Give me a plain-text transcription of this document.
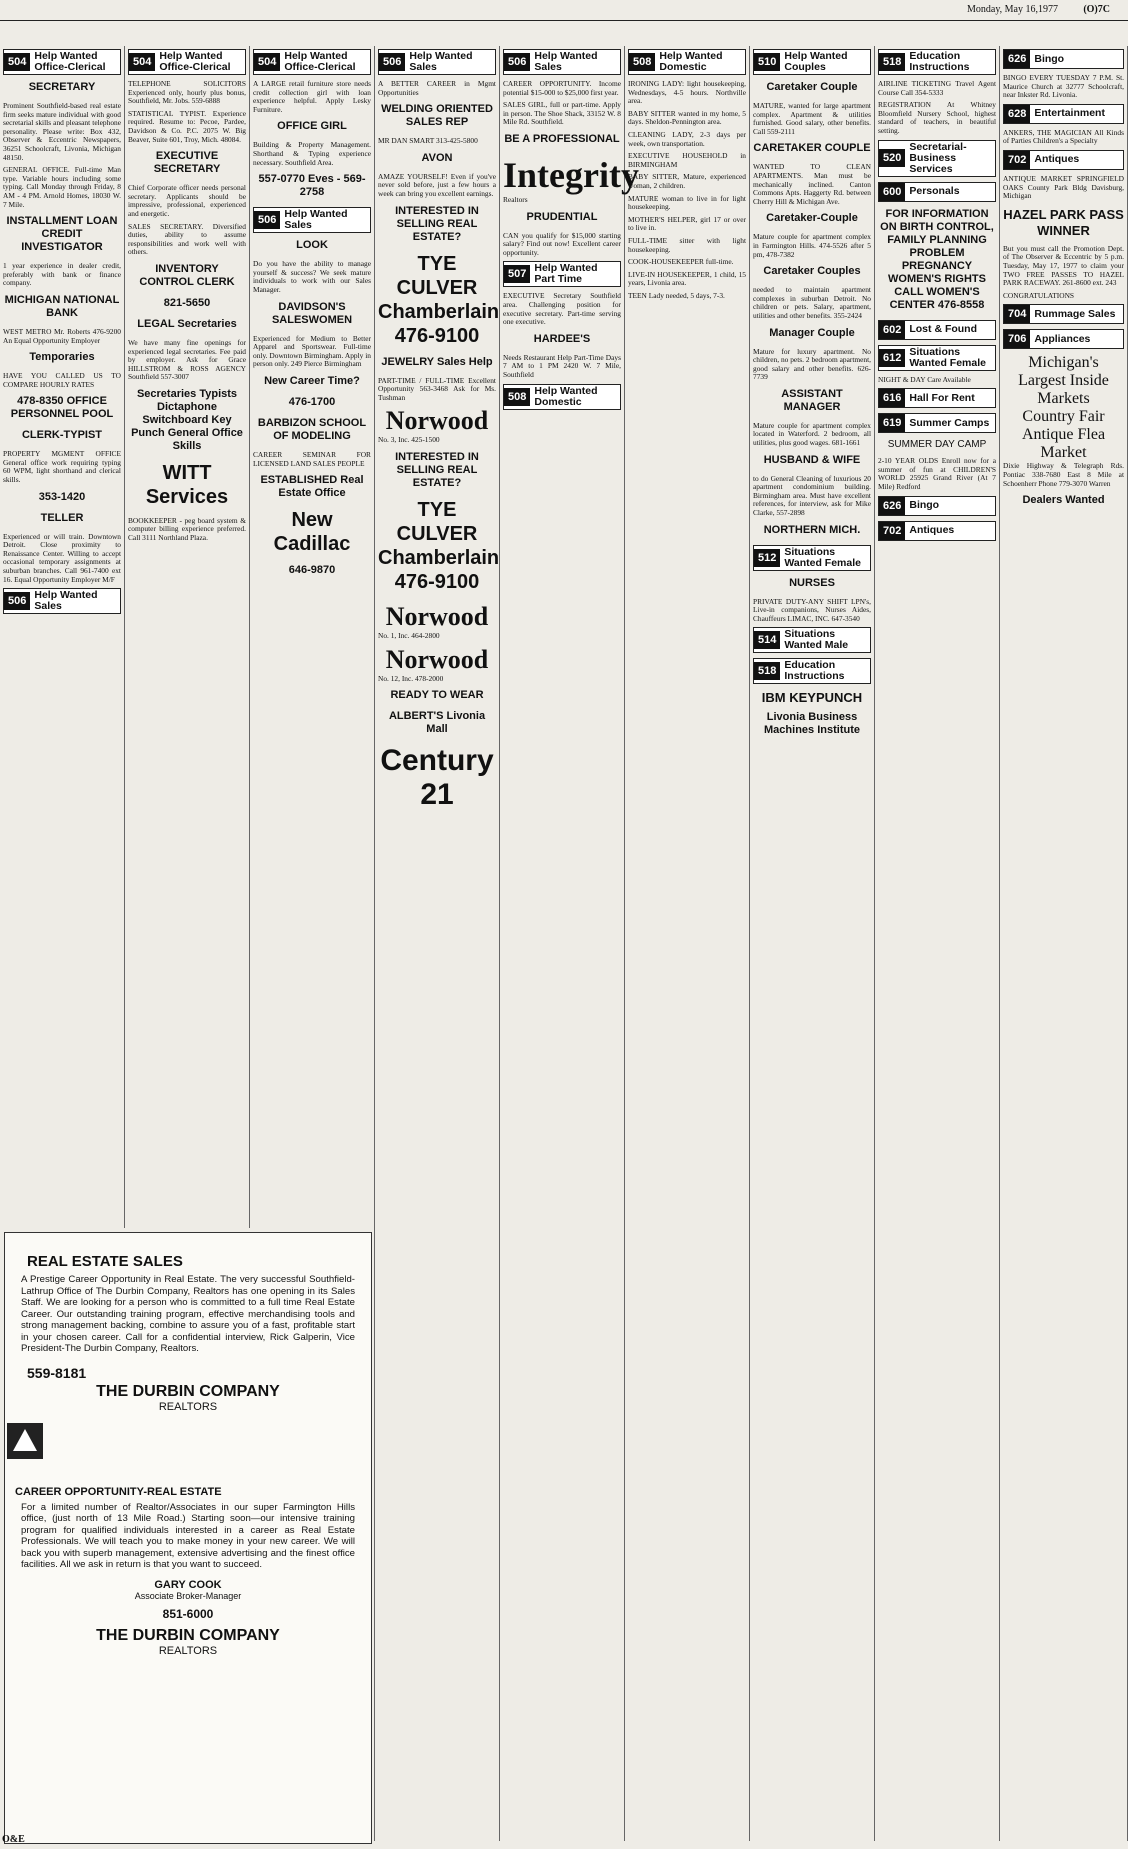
Monday, May 16,1977	(O)7C
504 Help Wanted Office-Clerical
SECRETARY
Prominent Southfield-based real estate firm seeks mature individual with good secretarial skills and pleasant telephone personality. Please write: Box 432, Observer & Eccentric Newspapers, 36251 Schoolcraft, Livonia, Michigan 48150.
GENERAL OFFICE. Full-time Man type. Variable hours including some typing. Call Monday through Friday, 8 AM - 4 PM. Arnold Homes, 18030 W. 7 Mile.
INSTALLMENT LOAN CREDIT INVESTIGATOR
1 year experience in dealer credit, preferably with bank or finance company.
MICHIGAN NATIONAL BANK
WEST METRO Mr. Roberts 476-9200 An Equal Opportunity Employer
Temporaries
HAVE YOU CALLED US TO COMPARE HOURLY RATES
478-8350 OFFICE PERSONNEL POOL
CLERK-TYPIST
PROPERTY MGMENT OFFICE General office work requiring typing 60 WPM, light shorthand and clerical skills.
353-1420
TELLER
Experienced or will train. Downtown Detroit. Close proximity to Renaissance Center. Willing to accept occasional temporary assignments at suburban branches. Call 961-7400 ext 16. Equal Opportunity Employer M/F
506 Help Wanted Sales
504 Help Wanted Office-Clerical
TELEPHONE SOLICITORS Experienced only, hourly plus bonus, Southfield, Mr. Jobs. 559-6888
STATISTICAL TYPIST. Experience required. Resume to: Pecoe, Pardee, Davidson & Co. P.C. 2075 W. Big Beaver, Suite 601, Troy, Mich. 48084.
EXECUTIVE SECRETARY
Chief Corporate officer needs personal secretary. Applicants should be impressive, professional, experienced and energetic.
SALES SECRETARY. Diversified duties, ability to assume responsibilities and work well with others.
INVENTORY CONTROL CLERK
821-5650
LEGAL Secretaries
We have many fine openings for experienced legal secretaries. Fee paid by employer. Ask for Grace HILLSTROM & ROSS AGENCY Southfield 557-3007
Secretaries Typists Dictaphone Switchboard Key Punch General Office Skills
WITT Services
BOOKKEEPER - peg board system & computer billing experience preferred. Call 3111 Northland Plaza.
504 Help Wanted Office-Clerical
A LARGE retail furniture store needs credit collection girl with loan experience helpful. Apply Lesky Furniture.
OFFICE GIRL
Building & Property Management. Shorthand & Typing experience necessary. Southfield Area.
557-0770 Eves - 569-2758
506 Help Wanted Sales
LOOK
Do you have the ability to manage yourself & success? We seek mature individuals to work with our Sales Manager.
DAVIDSON'S SALESWOMEN
Experienced for Medium to Better Apparel and Sportswear. Full-time only. Downtown Birmingham. Apply in person only. 249 Pierce Birmingham
New Career Time?
476-1700
BARBIZON SCHOOL OF MODELING
CAREER SEMINAR FOR LICENSED LAND SALES PEOPLE
ESTABLISHED Real Estate Office
New Cadillac
646-9870
506 Help Wanted Sales
A BETTER CAREER in Mgmt Opportunities
WELDING ORIENTED SALES REP
MR DAN SMART 313-425-5800
AVON
AMAZE YOURSELF! Even if you've never sold before, just a few hours a week can bring you excellent earnings.
INTERESTED IN SELLING REAL ESTATE?
TYE CULVER Chamberlain 476-9100
JEWELRY Sales Help
PART-TIME / FULL-TIME Excellent Opportunity 563-3468 Ask for Ms. Tushman
Norwood
No. 3, Inc. 425-1500
INTERESTED IN SELLING REAL ESTATE?
TYE CULVER Chamberlain 476-9100
Norwood
No. 1, Inc. 464-2800
Norwood
No. 12, Inc. 478-2000
READY TO WEAR
ALBERT'S Livonia Mall
Century 21
506 Help Wanted Sales
CAREER OPPORTUNITY. Income potential $15-000 to $25,000 first year.
SALES GIRL, full or part-time. Apply in person. The Shoe Shack, 33152 W. 8 Mile Rd. Southfield.
BE A PROFESSIONAL
Integrity
Realtors
PRUDENTIAL
CAN you qualify for $15,000 starting salary? Find out now! Excellent career opportunity.
507 Help Wanted Part Time
EXECUTIVE Secretary Southfield area. Challenging position for executive secretary. Part-time serving one executive.
HARDEE'S
Needs Restaurant Help Part-Time Days 7 AM to 1 PM 2420 W. 7 Mile, Southfield
508 Help Wanted Domestic
508 Help Wanted Domestic
IRONING LADY: light housekeeping, Wednesdays, 4-5 hours. Northville area.
BABY SITTER wanted in my home, 5 days. Sheldon-Pennington area.
CLEANING LADY, 2-3 days per week, own transportation.
EXECUTIVE HOUSEHOLD in BIRMINGHAM
BABY SITTER, Mature, experienced woman, 2 children.
MATURE woman to live in for light housekeeping.
MOTHER'S HELPER, girl 17 or over to live in.
FULL-TIME sitter with light housekeeping.
COOK-HOUSEKEEPER full-time.
LIVE-IN HOUSEKEEPER, 1 child, 15 years, Livonia area.
TEEN Lady needed, 5 days, 7-3.
510 Help Wanted Couples
Caretaker Couple
MATURE, wanted for large apartment complex. Apartment & utilities furnished. Good salary, other benefits. Call 559-2111
CARETAKER COUPLE
WANTED TO CLEAN APARTMENTS. Man must be mechanically inclined. Canton Commons Apts. Haggerty Rd. between Cherry Hill & Michigan Ave.
Caretaker-Couple
Mature couple for apartment complex in Farmington Hills. 474-5526 after 5 pm, 478-7382
Caretaker Couples
needed to maintain apartment complexes in suburban Detroit. No children or pets. Salary, apartment, utilities and other benefits. 355-2424
Manager Couple
Mature for luxury apartment. No children, no pets. 2 bedroom apartment, good salary and other benefits. 626-7739
ASSISTANT MANAGER
Mature couple for apartment complex located in Waterford. 2 bedroom, all utilities, plus good wages. 681-1661
HUSBAND & WIFE
to do General Cleaning of luxurious 20 apartment condominium building. Birmingham area. Must have excellent references, for interview, ask for Mike Clarke, 557-2898
NORTHERN MICH.
512 Situations Wanted Female
NURSES
PRIVATE DUTY-ANY SHIFT LPN's, Live-in companions, Nurses Aides, Chauffeurs LIMAC, INC. 647-3540
514 Situations Wanted Male
518 Education Instructions
IBM KEYPUNCH
Livonia Business Machines Institute
518 Education Instructions
AIRLINE TICKETING Travel Agent Course Call 354-5333
REGISTRATION At Whitney Bloomfield Nursery School, highest standard of teachers, in beautiful setting.
520
Secretarial-Business Services
600 Personals
FOR INFORMATION ON BIRTH CONTROL, FAMILY PLANNING PROBLEM PREGNANCY WOMEN'S RIGHTS CALL WOMEN'S CENTER 476-8558
602 Lost & Found
612 Situations Wanted Female
NIGHT & DAY Care Available
616 Hall For Rent
619 Summer Camps
SUMMER DAY CAMP
2-10 YEAR OLDS Enroll now for a summer of fun at CHILDREN'S WORLD 25925 Grand River (At 7 Mile) Redford
626 Bingo
702 Antiques
626 Bingo
BINGO EVERY TUESDAY 7 P.M. St. Maurice Church at 32777 Schoolcraft, near Inkster Rd. Livonia.
628 Entertainment
ANKERS, THE MAGICIAN All Kinds of Parties Children's a Specialty
702 Antiques
ANTIQUE MARKET SPRINGFIELD OAKS County Park Bldg Davisburg, Michigan
HAZEL PARK PASS WINNER
But you must call the Promotion Dept. of The Observer & Eccentric by 5 p.m. Tuesday, May 17, 1977 to claim your TWO FREE PASSES TO HAZEL PARK RACEWAY. 261-8600 ext. 243
CONGRATULATIONS
704 Rummage Sales
706 Appliances
Michigan's Largest Inside Markets
Country Fair Antique Flea Market
Dixie Highway & Telegraph Rds. Pontiac 338-7680 East 8 Mile at Schoenherr Phone 779-3070 Warren
Dealers Wanted
REAL ESTATE SALES
A Prestige Career Opportunity in Real Estate. The very successful Southfield-Lathrup Office of The Durbin Company, Realtors has one opening in its Sales Staff. We are looking for a person who is committed to a full time Real Estate Career. Our outstanding training program, effective merchandising tools and strong management backing, combine to assure you of a fast, profitable start in your chosen career. Call for a confidential interview, Rick Galperin, Vice President-The Durbin Company, Realtors.
559-8181
THE DURBIN COMPANY
REALTORS
CAREER OPPORTUNITY-REAL ESTATE
For a limited number of Realtor/Associates in our super Farmington Hills office, (just north of 13 Mile Road.) Starting soon—our intensive training program for qualified individuals interested in a career as Real Estate Professionals. We will teach you to make money in your new career. We will back you with superb management, extensive advertising and the finest office facilities. All we ask in return is that you want to succeed.
GARY COOK
Associate Broker-Manager
851-6000
THE DURBIN COMPANY
REALTORS
O&E
